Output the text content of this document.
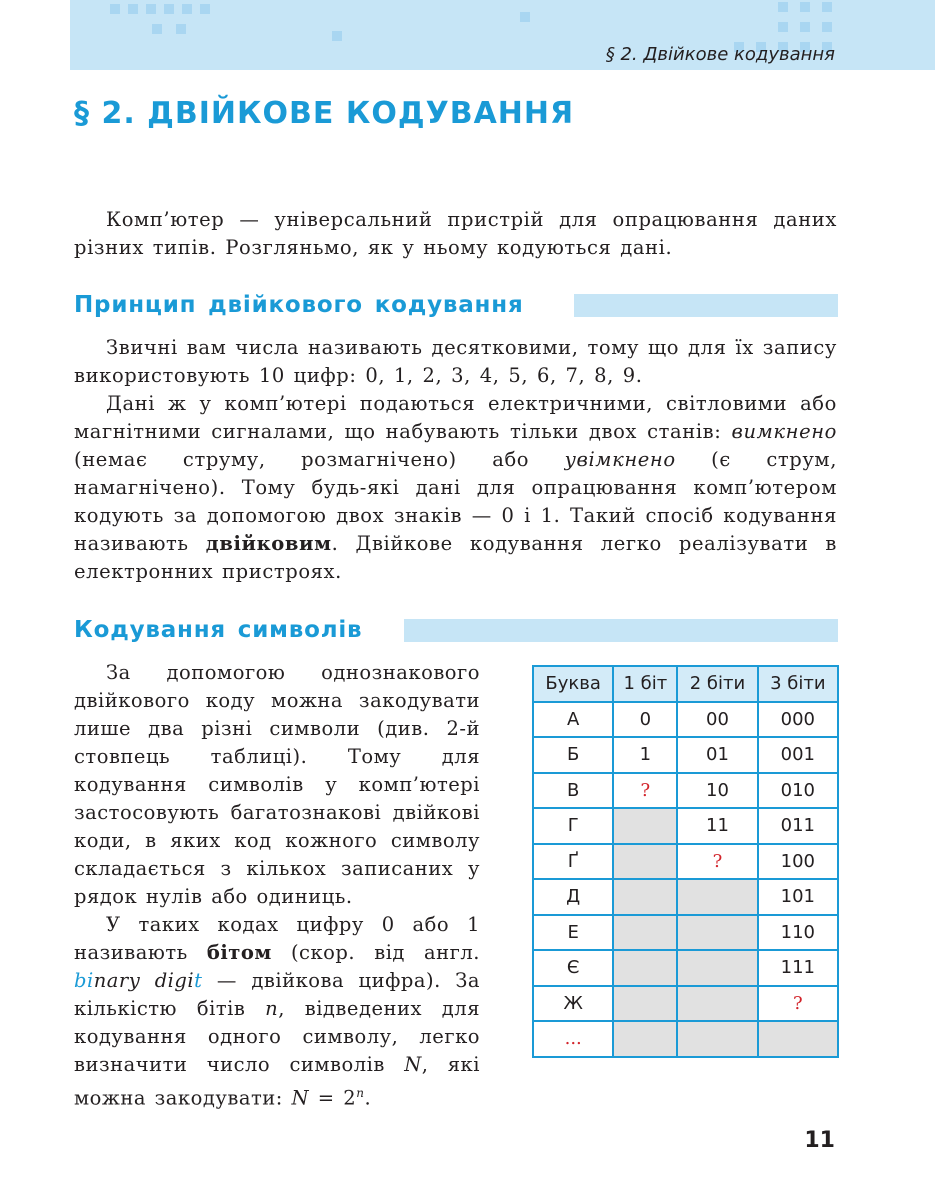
§ 2. Двійкове кодування
§ 2. ДВІЙКОВЕ КОДУВАННЯ

Комп’ютер — універсальний пристрій для опрацювання даних різних типів. Розгляньмо, як у ньому кодуються дані.

Принцип двійкового кодування

Звичні вам числа називають десятковими, тому що для їх запису використовують 10 цифр: 0, 1, 2, 3, 4, 5, 6, 7, 8, 9.

Дані ж у комп’ютері подаються електричними, світловими або магнітними сигналами, що набувають тільки двох станів: вимкнено (немає струму, розмагнічено) або увімкнено (є струм, намагнічено). Тому будь-які дані для опрацювання комп’ютером кодують за допомогою двох знаків — 0 і 1. Такий спосіб кодування називають двійковим. Двійкове кодування легко реалізувати в електронних пристроях.

Кодування символів

За допомогою однознакового двійкового коду можна закодувати лише два різні символи (див. 2-й стовпець таблиці). Тому для кодування символів у комп’ютері застосовують багатознакові двійкові коди, в яких код кожного символу складається з кількох записаних у рядок нулів або одиниць.

У таких кодах цифру 0 або 1 називають бітом (скор. від англ. binary digit — двійкова цифра). За кількістю бітів n, відведених для кодування одного символу, легко визначити число символів N, які можна закодувати: $N = 2^n$.

Буква	1 біт	2 біти	3 біти
А	0	00	000
Б	1	01	001
В	?	10	010
Г		11	011
Ґ		?	100
Д			101
Е			110
Є			111
Ж			?
...			
11
